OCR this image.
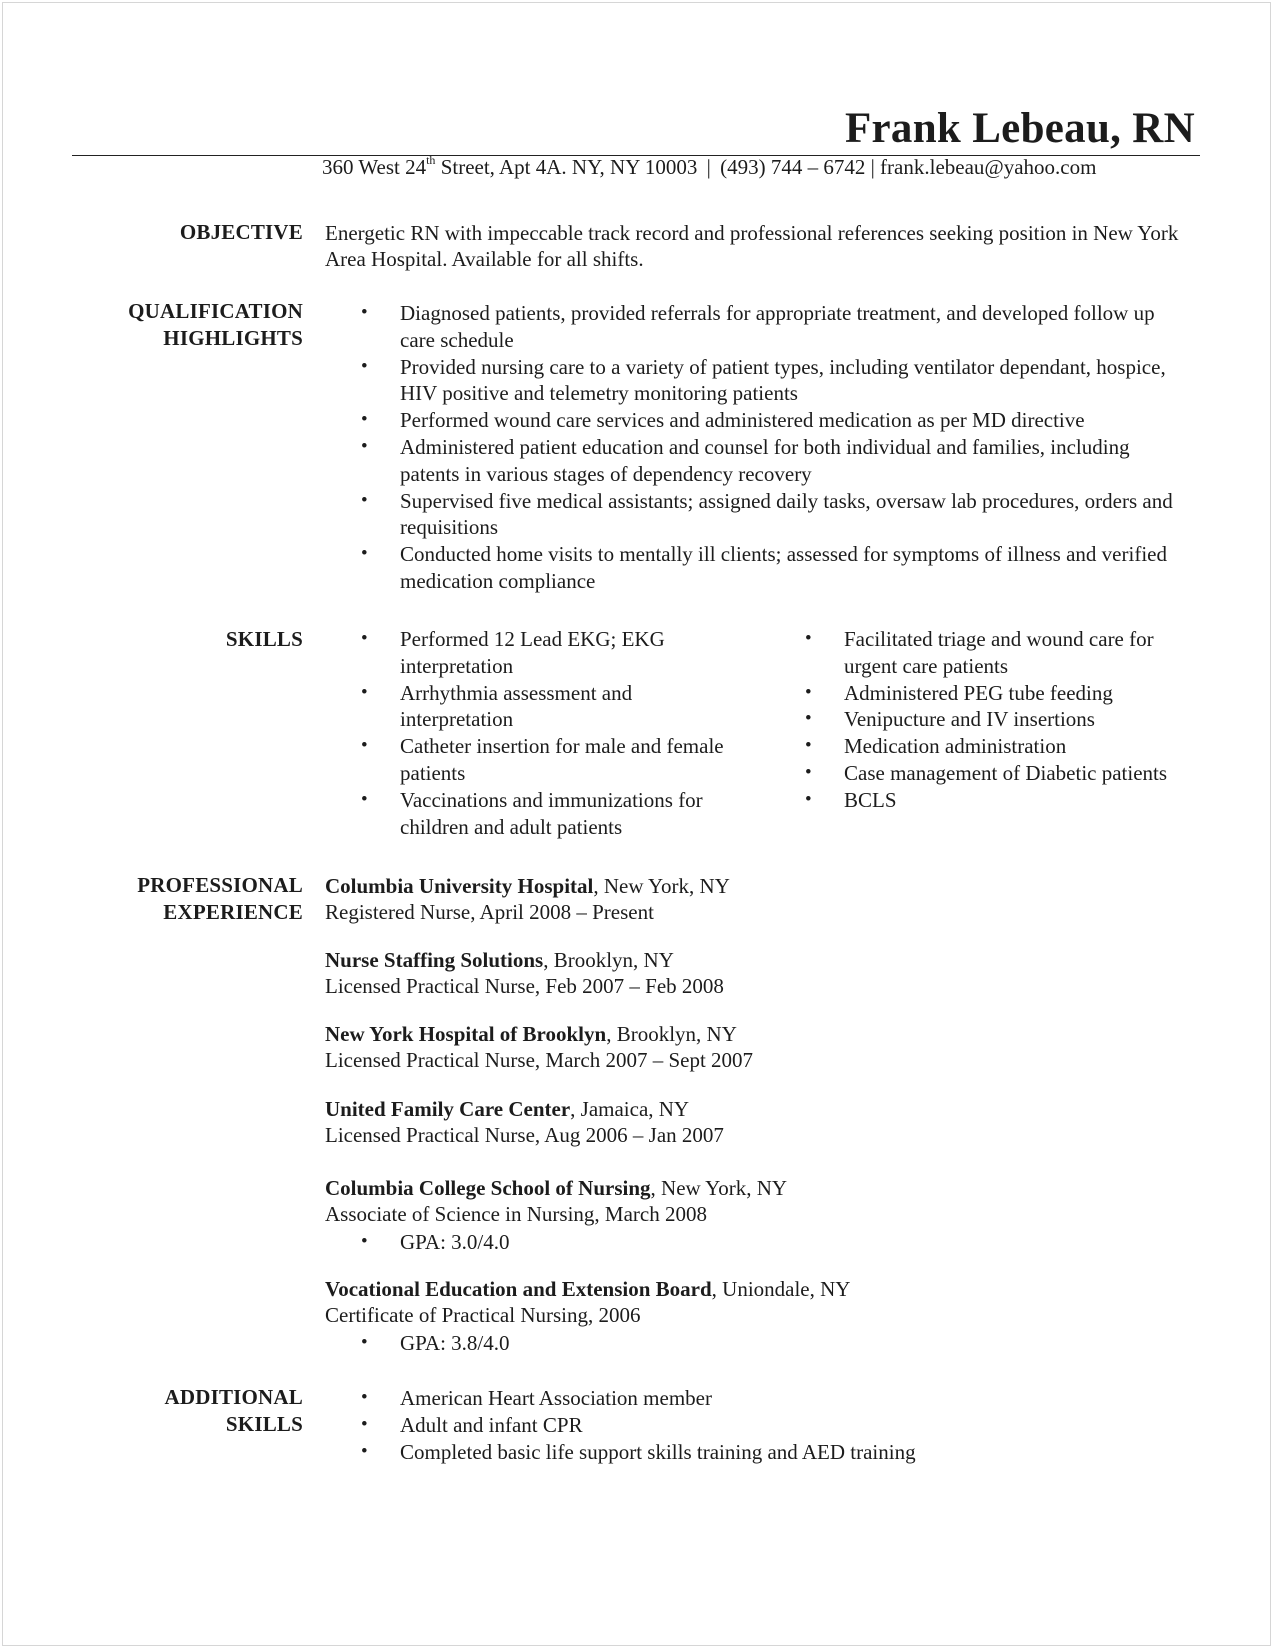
Frank Lebeau, RN
360 West 24th Street, Apt 4A. NY, NY 10003 | (493) 744 – 6742 | frank.lebeau@yahoo.com
OBJECTIVE Energetic RN with impeccable track record and professional references seeking position in New York Area Hospital. Available for all shifts.
QUALIFICATION
HIGHLIGHTS
• Diagnosed patients, provided referrals for appropriate treatment, and developed follow up care schedule
• Provided nursing care to a variety of patient types, including ventilator dependant, hospice, HIV positive and telemetry monitoring patients
• Performed wound care services and administered medication as per MD directive
• Administered patient education and counsel for both individual and families, including patents in various stages of dependency recovery
• Supervised five medical assistants; assigned daily tasks, oversaw lab procedures, orders and requisitions
• Conducted home visits to mentally ill clients; assessed for symptoms of illness and verified medication compliance
SKILLS	• Performed 12 Lead EKG; EKG interpretation
• Arrhythmia assessment and interpretation
• Catheter insertion for male and female patients
• Vaccinations and immunizations for children and adult patients
• Facilitated triage and wound care for urgent care patients
• Administered PEG tube feeding
• Venipucture and IV insertions
• Medication administration
• Case management of Diabetic patients
• BCLS
PROFESSIONAL
EXPERIENCE
Columbia University Hospital, New York, NY
Registered Nurse, April 2008 – Present
Nurse Staffing Solutions, Brooklyn, NY
Licensed Practical Nurse, Feb 2007 – Feb 2008
New York Hospital of Brooklyn, Brooklyn, NY
Licensed Practical Nurse, March 2007 – Sept 2007
United Family Care Center, Jamaica, NY
Licensed Practical Nurse, Aug 2006 – Jan 2007
Columbia College School of Nursing, New York, NY
Associate of Science in Nursing, March 2008
• GPA: 3.0/4.0
Vocational Education and Extension Board, Uniondale, NY
Certificate of Practical Nursing, 2006
• GPA: 3.8/4.0
ADDITIONAL
SKILLS
• American Heart Association member
• Adult and infant CPR
• Completed basic life support skills training and AED training
